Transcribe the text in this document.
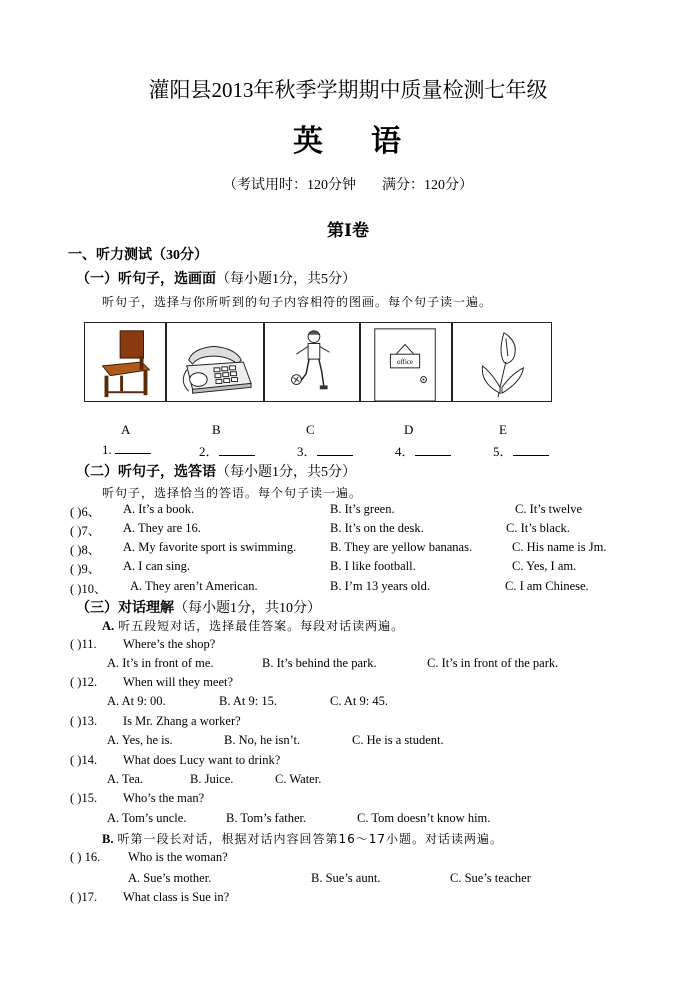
灌阳县2013年秋季学期期中质量检测七年级
英 语
（考试用时：120分钟 满分：120分）
第Ⅰ卷
一、听力测试（30分）
（一）听句子，选画面（每小题1分，共5分）
听句子，选择与你所听到的句子内容相符的图画。每个句子读一遍。
office
A	B	C	D	E
1.	2．	3．	4．	5．
（二）听句子，选答语（每小题1分，共5分）
听句子，选择恰当的答语。每个句子读一遍。
( )6、 A. It’s a book.	B. It’s green.	C. It’s twelve
( )7、 A. They are 16.	B. It’s on the desk.	C. It’s black.
( )8、 A. My favorite sport is swimming.	B. They are yellow bananas.	C. His name is Jm.
( )9、 A. I can sing.	B. I like football.	C. Yes, I am.
( )10、 A. They aren’t American.	B. I’m 13 years old.	C. I am Chinese.
（三）对话理解（每小题1分，共10分）
A. 听五段短对话，选择最佳答案。每段对话读两遍。
( )11. Where’s the shop?
A. It’s in front of me.	B. It’s behind the park.	C. It’s in front of the park.
( )12. When will they meet?
A. At 9: 00.	B. At 9: 15.	C. At 9: 45.
( )13. Is Mr. Zhang a worker?
A. Yes, he is.	B. No, he isn’t.	C. He is a student.
( )14. What does Lucy want to drink?
A. Tea.	B. Juice.	C. Water.
( )15. Who’s the man?
A. Tom’s uncle.	B. Tom’s father.	C. Tom doesn’t know him.
B. 听第一段长对话，根据对话内容回答第16～17小题。对话读两遍。
( ) 16. Who is the woman?
A. Sue’s mother.	B. Sue’s aunt.	C. Sue’s teacher
( )17. What class is Sue in?
